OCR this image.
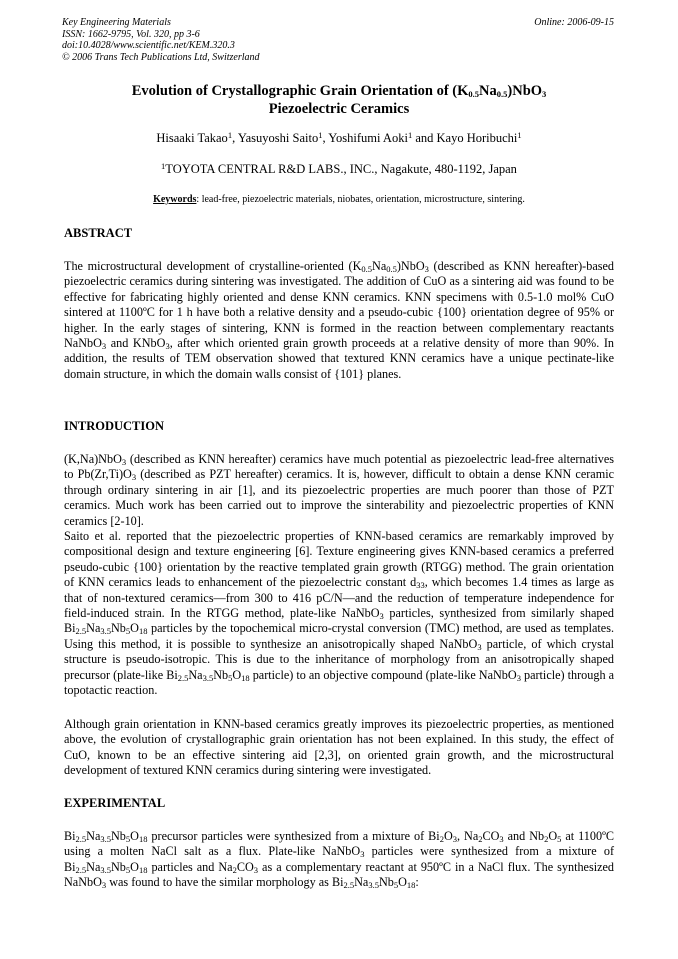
Key Engineering Materials
ISSN: 1662-9795, Vol. 320, pp 3-6
doi:10.4028/www.scientific.net/KEM.320.3
© 2006 Trans Tech Publications Ltd, Switzerland
Online: 2006-09-15
Evolution of Crystallographic Grain Orientation of $(K_{0.5}Na_{0.5})NbO_3$
Piezoelectric Ceramics
Hisaaki Takao$^1$, Yasuyoshi Saito$^1$, Yoshifumi Aoki$^1$ and Kayo Horibuchi$^1$
$^1$TOYOTA CENTRAL R&D LABS., INC., Nagakute, 480-1192, Japan
Keywords: lead-free, piezoelectric materials, niobates, orientation, microstructure, sintering.
ABSTRACT
The microstructural development of crystalline-oriented $(K_{0.5}Na_{0.5})NbO_3$ (described as KNN hereafter)-based piezoelectric ceramics during sintering was investigated. The addition of CuO as a sintering aid was found to be effective for fabricating highly oriented and dense KNN ceramics. KNN specimens with 0.5-1.0 mol% CuO sintered at 1100ºC for 1 h have both a relative density and a pseudo-cubic {100} orientation degree of 95% or higher. In the early stages of sintering, KNN is formed in the reaction between complementary reactants NaNbO$_3$ and KNbO$_3$, after which oriented grain growth proceeds at a relative density of more than 90%. In addition, the results of TEM observation showed that textured KNN ceramics have a unique pectinate-like domain structure, in which the domain walls consist of {101} planes.
INTRODUCTION
(K,Na)NbO$_3$ (described as KNN hereafter) ceramics have much potential as piezoelectric lead-free alternatives to $Pb(Zr,Ti)O_3$ (described as PZT hereafter) ceramics. It is, however, difficult to obtain a dense KNN ceramic through ordinary sintering in air [1], and its piezoelectric properties are much poorer than those of PZT ceramics. Much work has been carried out to improve the sinterability and piezoelectric properties of KNN ceramics [2-10].
Saito et al. reported that the piezoelectric properties of KNN-based ceramics are remarkably improved by compositional design and texture engineering [6]. Texture engineering gives KNN-based ceramics a preferred pseudo-cubic {100} orientation by the reactive templated grain growth (RTGG) method. The grain orientation of KNN ceramics leads to enhancement of the piezoelectric constant $d_{33}$, which becomes 1.4 times as large as that of non-textured ceramics—from 300 to 416 pC/N—and the reduction of temperature independence for field-induced strain. In the RTGG method, plate-like NaNbO$_3$ particles, synthesized from similarly shaped $Bi_{2.5}Na_{3.5}Nb_5O_{18}$ particles by the topochemical micro-crystal conversion (TMC) method, are used as templates. Using this method, it is possible to synthesize an anisotropically shaped NaNbO$_3$ particle, of which crystal structure is pseudo-isotropic. This is due to the inheritance of morphology from an anisotropically shaped precursor (plate-like $Bi_{2.5}Na_{3.5}Nb_5O_{18}$ particle) to an objective compound (plate-like NaNbO$_3$ particle) through a topotactic reaction.
Although grain orientation in KNN-based ceramics greatly improves its piezoelectric properties, as mentioned above, the evolution of crystallographic grain orientation has not been explained. In this study, the effect of CuO, known to be an effective sintering aid [2,3], on oriented grain growth, and the microstructural development of textured KNN ceramics during sintering were investigated.
EXPERIMENTAL
$Bi_{2.5}Na_{3.5}Nb_5O_{18}$ precursor particles were synthesized from a mixture of $Bi_2O_3$, $Na_2CO_3$ and $Nb_2O_5$ at 1100ºC using a molten NaCl salt as a flux. Plate-like NaNbO$_3$ particles were synthesized from a mixture of $Bi_{2.5}Na_{3.5}Nb_5O_{18}$ particles and $Na_2CO_3$ as a complementary reactant at 950ºC in a NaCl flux. The synthesized NaNbO$_3$ was found to have the similar morphology as $Bi_{2.5}Na_{3.5}Nb_5O_{18}$:
